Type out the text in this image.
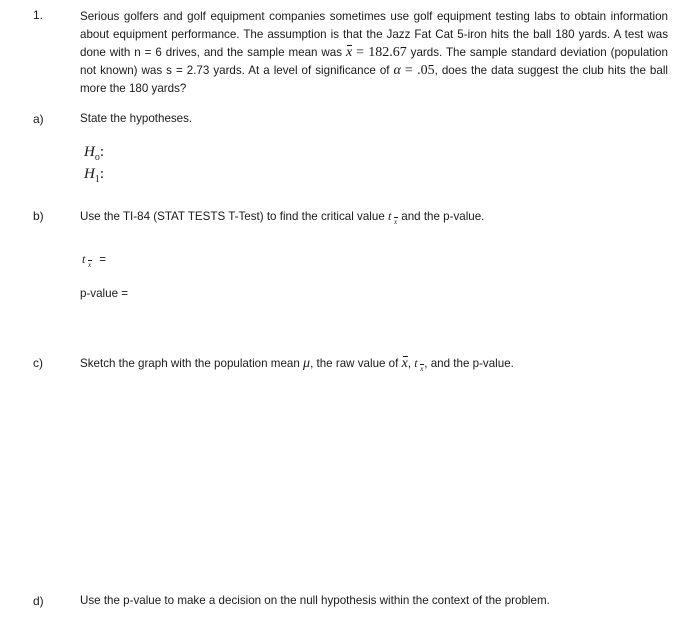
1.	Serious golfers and golf equipment companies sometimes use golf equipment testing labs to obtain information about equipment performance. The assumption is that the Jazz Fat Cat 5-iron hits the ball 180 yards. A test was done with n = 6 drives, and the sample mean was x = 182.67 yards. The sample standard deviation (population not known) was s = 2.73 yards. At a level of significance of α = .05, does the data suggest the club hits the ball more the 180 yards?
a)	State the hypotheses.
$H_o$:
$H_1$:
b)	Use the TI-84 (STAT TESTS T-Test) to find the critical value t x and the p-value.
t x =
p-value =
c)	Sketch the graph with the population mean μ, the raw value of x, t x , and the p-value.
d)	Use the p-value to make a decision on the null hypothesis within the context of the problem.
